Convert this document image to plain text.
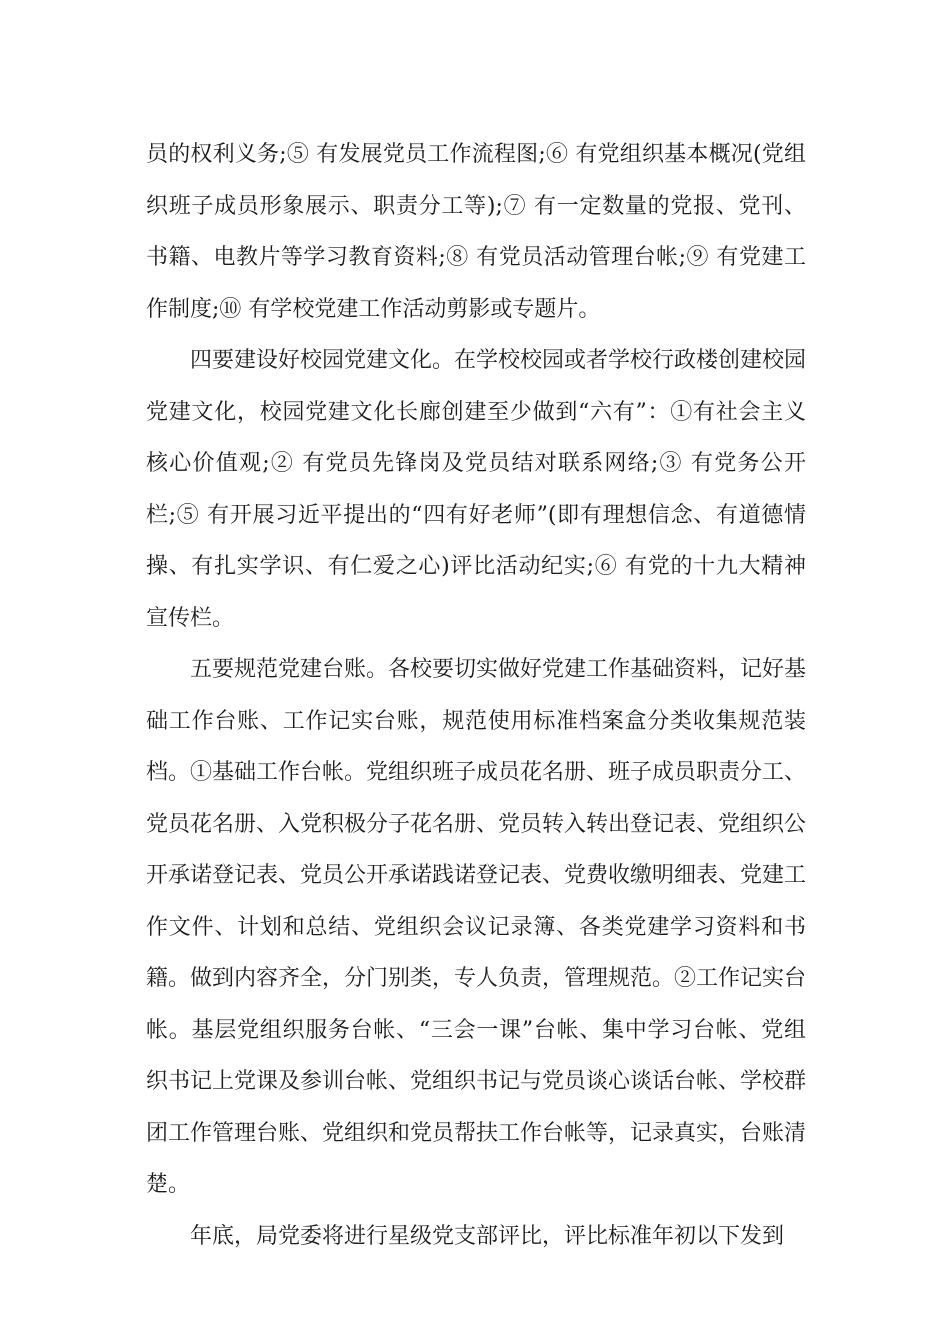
员的权利义务;⑤ 有发展党员工作流程图;⑥ 有党组织基本概况(党组织班子成员形象展示、职责分工等);⑦ 有一定数量的党报、党刊、书籍、电教片等学习教育资料;⑧ 有党员活动管理台帐;⑨ 有党建工作制度;⑩ 有学校党建工作活动剪影或专题片。

四要建设好校园党建文化。在学校校园或者学校行政楼创建校园党建文化，校园党建文化长廊创建至少做到“六有”：①有社会主义核心价值观;② 有党员先锋岗及党员结对联系网络;③ 有党务公开栏;⑤ 有开展习近平提出的“四有好老师”(即有理想信念、有道德情操、有扎实学识、有仁爱之心)评比活动纪实;⑥ 有党的十九大精神宣传栏。

五要规范党建台账。各校要切实做好党建工作基础资料，记好基础工作台账、工作记实台账，规范使用标准档案盒分类收集规范装档。①基础工作台帐。党组织班子成员花名册、班子成员职责分工、党员花名册、入党积极分子花名册、党员转入转出登记表、党组织公开承诺登记表、党员公开承诺践诺登记表、党费收缴明细表、党建工作文件、计划和总结、党组织会议记录簿、各类党建学习资料和书籍。做到内容齐全，分门别类，专人负责，管理规范。②工作记实台帐。基层党组织服务台帐、“三会一课”台帐、集中学习台帐、党组织书记上党课及参训台帐、党组织书记与党员谈心谈话台帐、学校群团工作管理台账、党组织和党员帮扶工作台帐等，记录真实，台账清楚。

年底，局党委将进行星级党支部评比，评比标准年初以下发到
